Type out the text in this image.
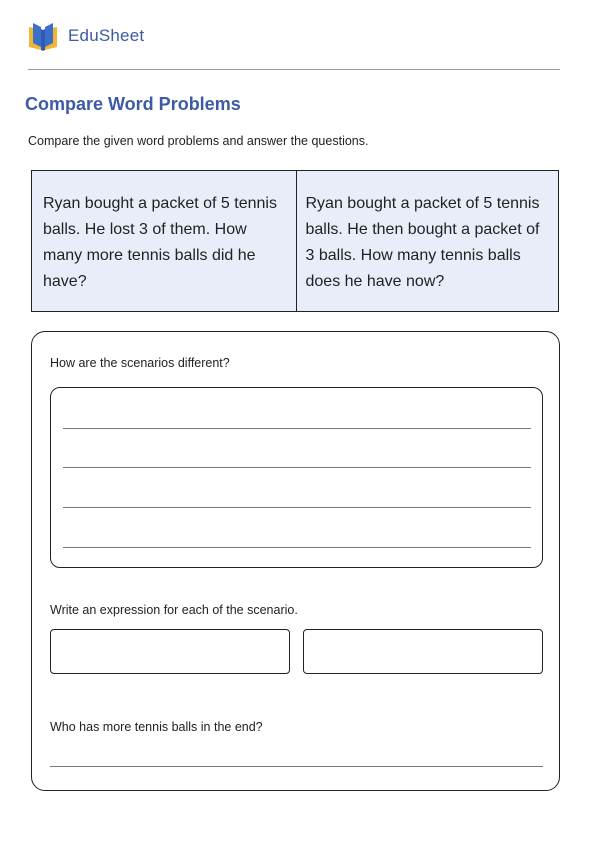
EduSheet
Compare Word Problems
Compare the given word problems and answer the questions.
Ryan bought a packet of 5 tennis balls. He lost 3 of them. How many more tennis balls did he have?
Ryan bought a packet of 5 tennis balls. He then bought a packet of 3 balls. How many tennis balls does he have now?
How are the scenarios different?
Write an expression for each of the scenario.
Who has more tennis balls in the end?
